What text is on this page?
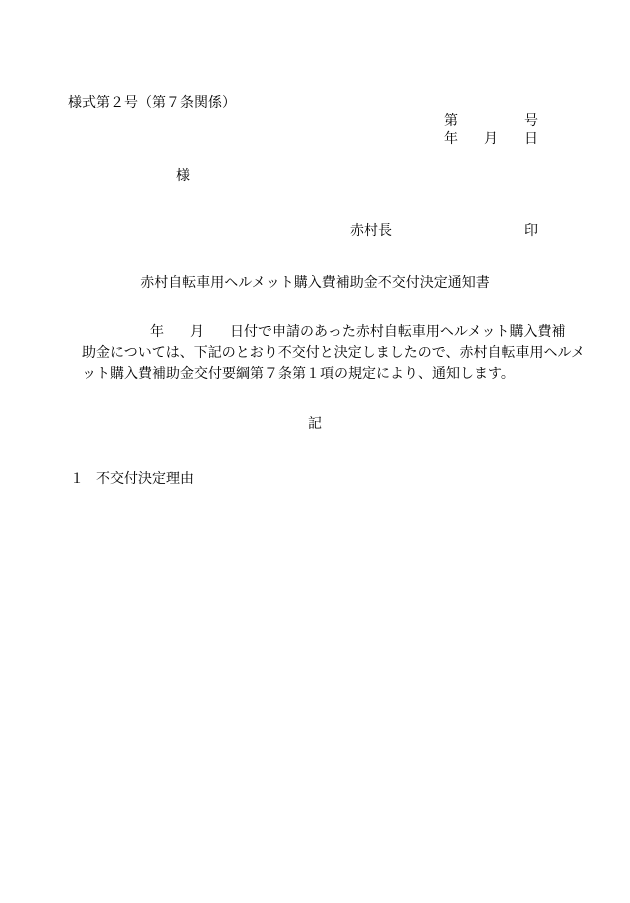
様式第２号（第７条関係）
第	号
年 月 日
様
赤村長	印
赤村自転車用ヘルメット購入費補助金不交付決定通知書
年 月 日付で申請のあった赤村自転車用ヘルメット購入費補
助金については、下記のとおり不交付と決定しましたので、赤村自転車用ヘルメ
ット購入費補助金交付要綱第７条第１項の規定により、通知します。
記
１ 不交付決定理由
